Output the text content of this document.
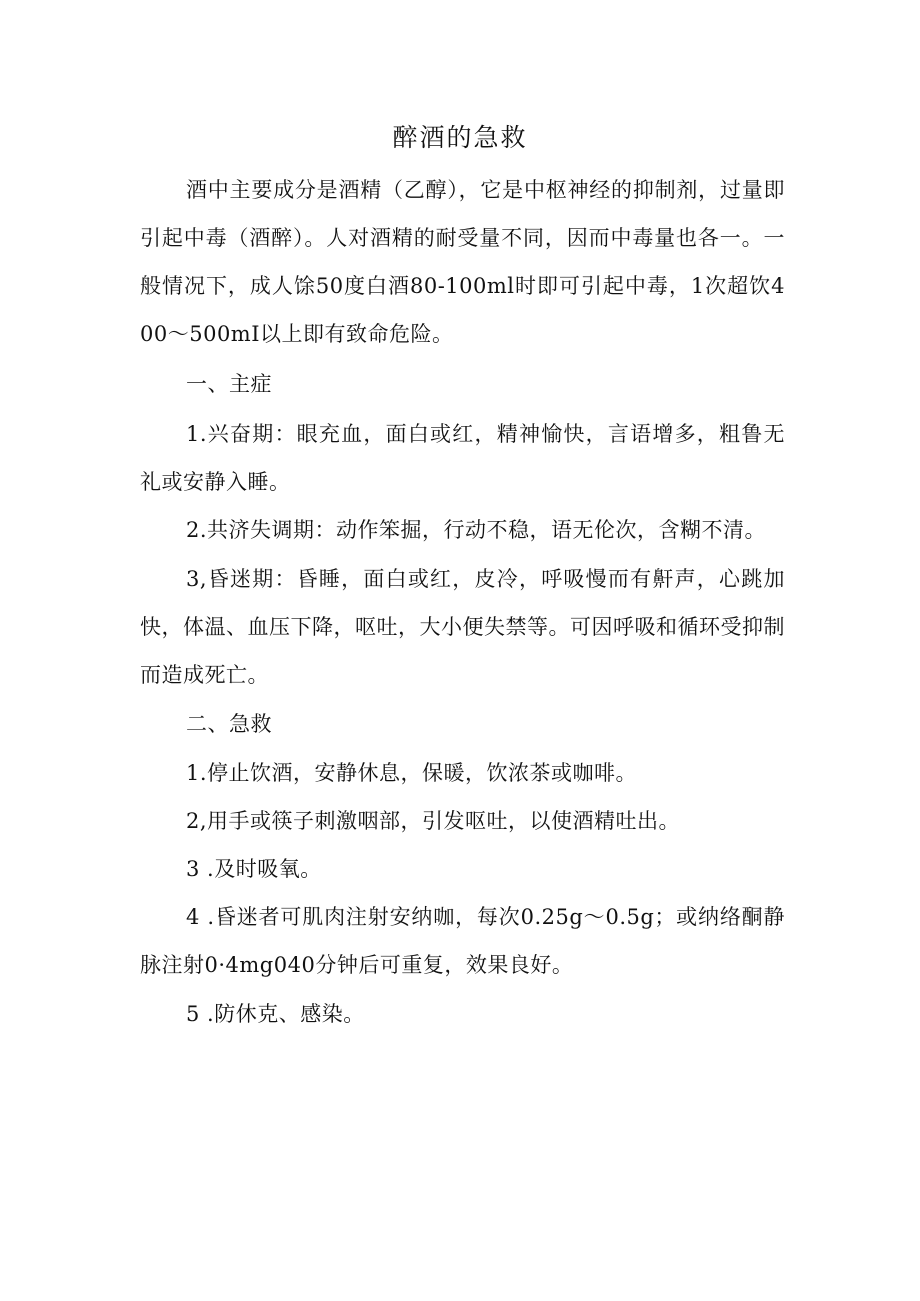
醉酒的急救
酒中主要成分是酒精（乙醇），它是中枢神经的抑制剂，过量即引起中毒（酒醉）。人对酒精的耐受量不同，因而中毒量也各一。一般情况下，成人馀50度白酒80-100ml时即可引起中毒，1次超饮400～500mI以上即有致命危险。
一、主症
1.兴奋期：眼充血，面白或红，精神愉快，言语增多，粗鲁无礼或安静入睡。
2.共济失调期：动作笨掘，行动不稳，语无伦次，含糊不清。
3,昏迷期：昏睡，面白或红，皮冷，呼吸慢而有鼾声，心跳加快，体温、血压下降，呕吐，大小便失禁等。可因呼吸和循环受抑制而造成死亡。
二、急救
1.停止饮酒，安静休息，保暖，饮浓茶或咖啡。
2,用手或筷子刺激咽部，引发呕吐，以使酒精吐出。
3 .及时吸氧。
4 .昏迷者可肌肉注射安纳咖，每次0.25g～0.5g；或纳络酮静脉注射0·4mg040分钟后可重复，效果良好。
5 .防休克、感染。
